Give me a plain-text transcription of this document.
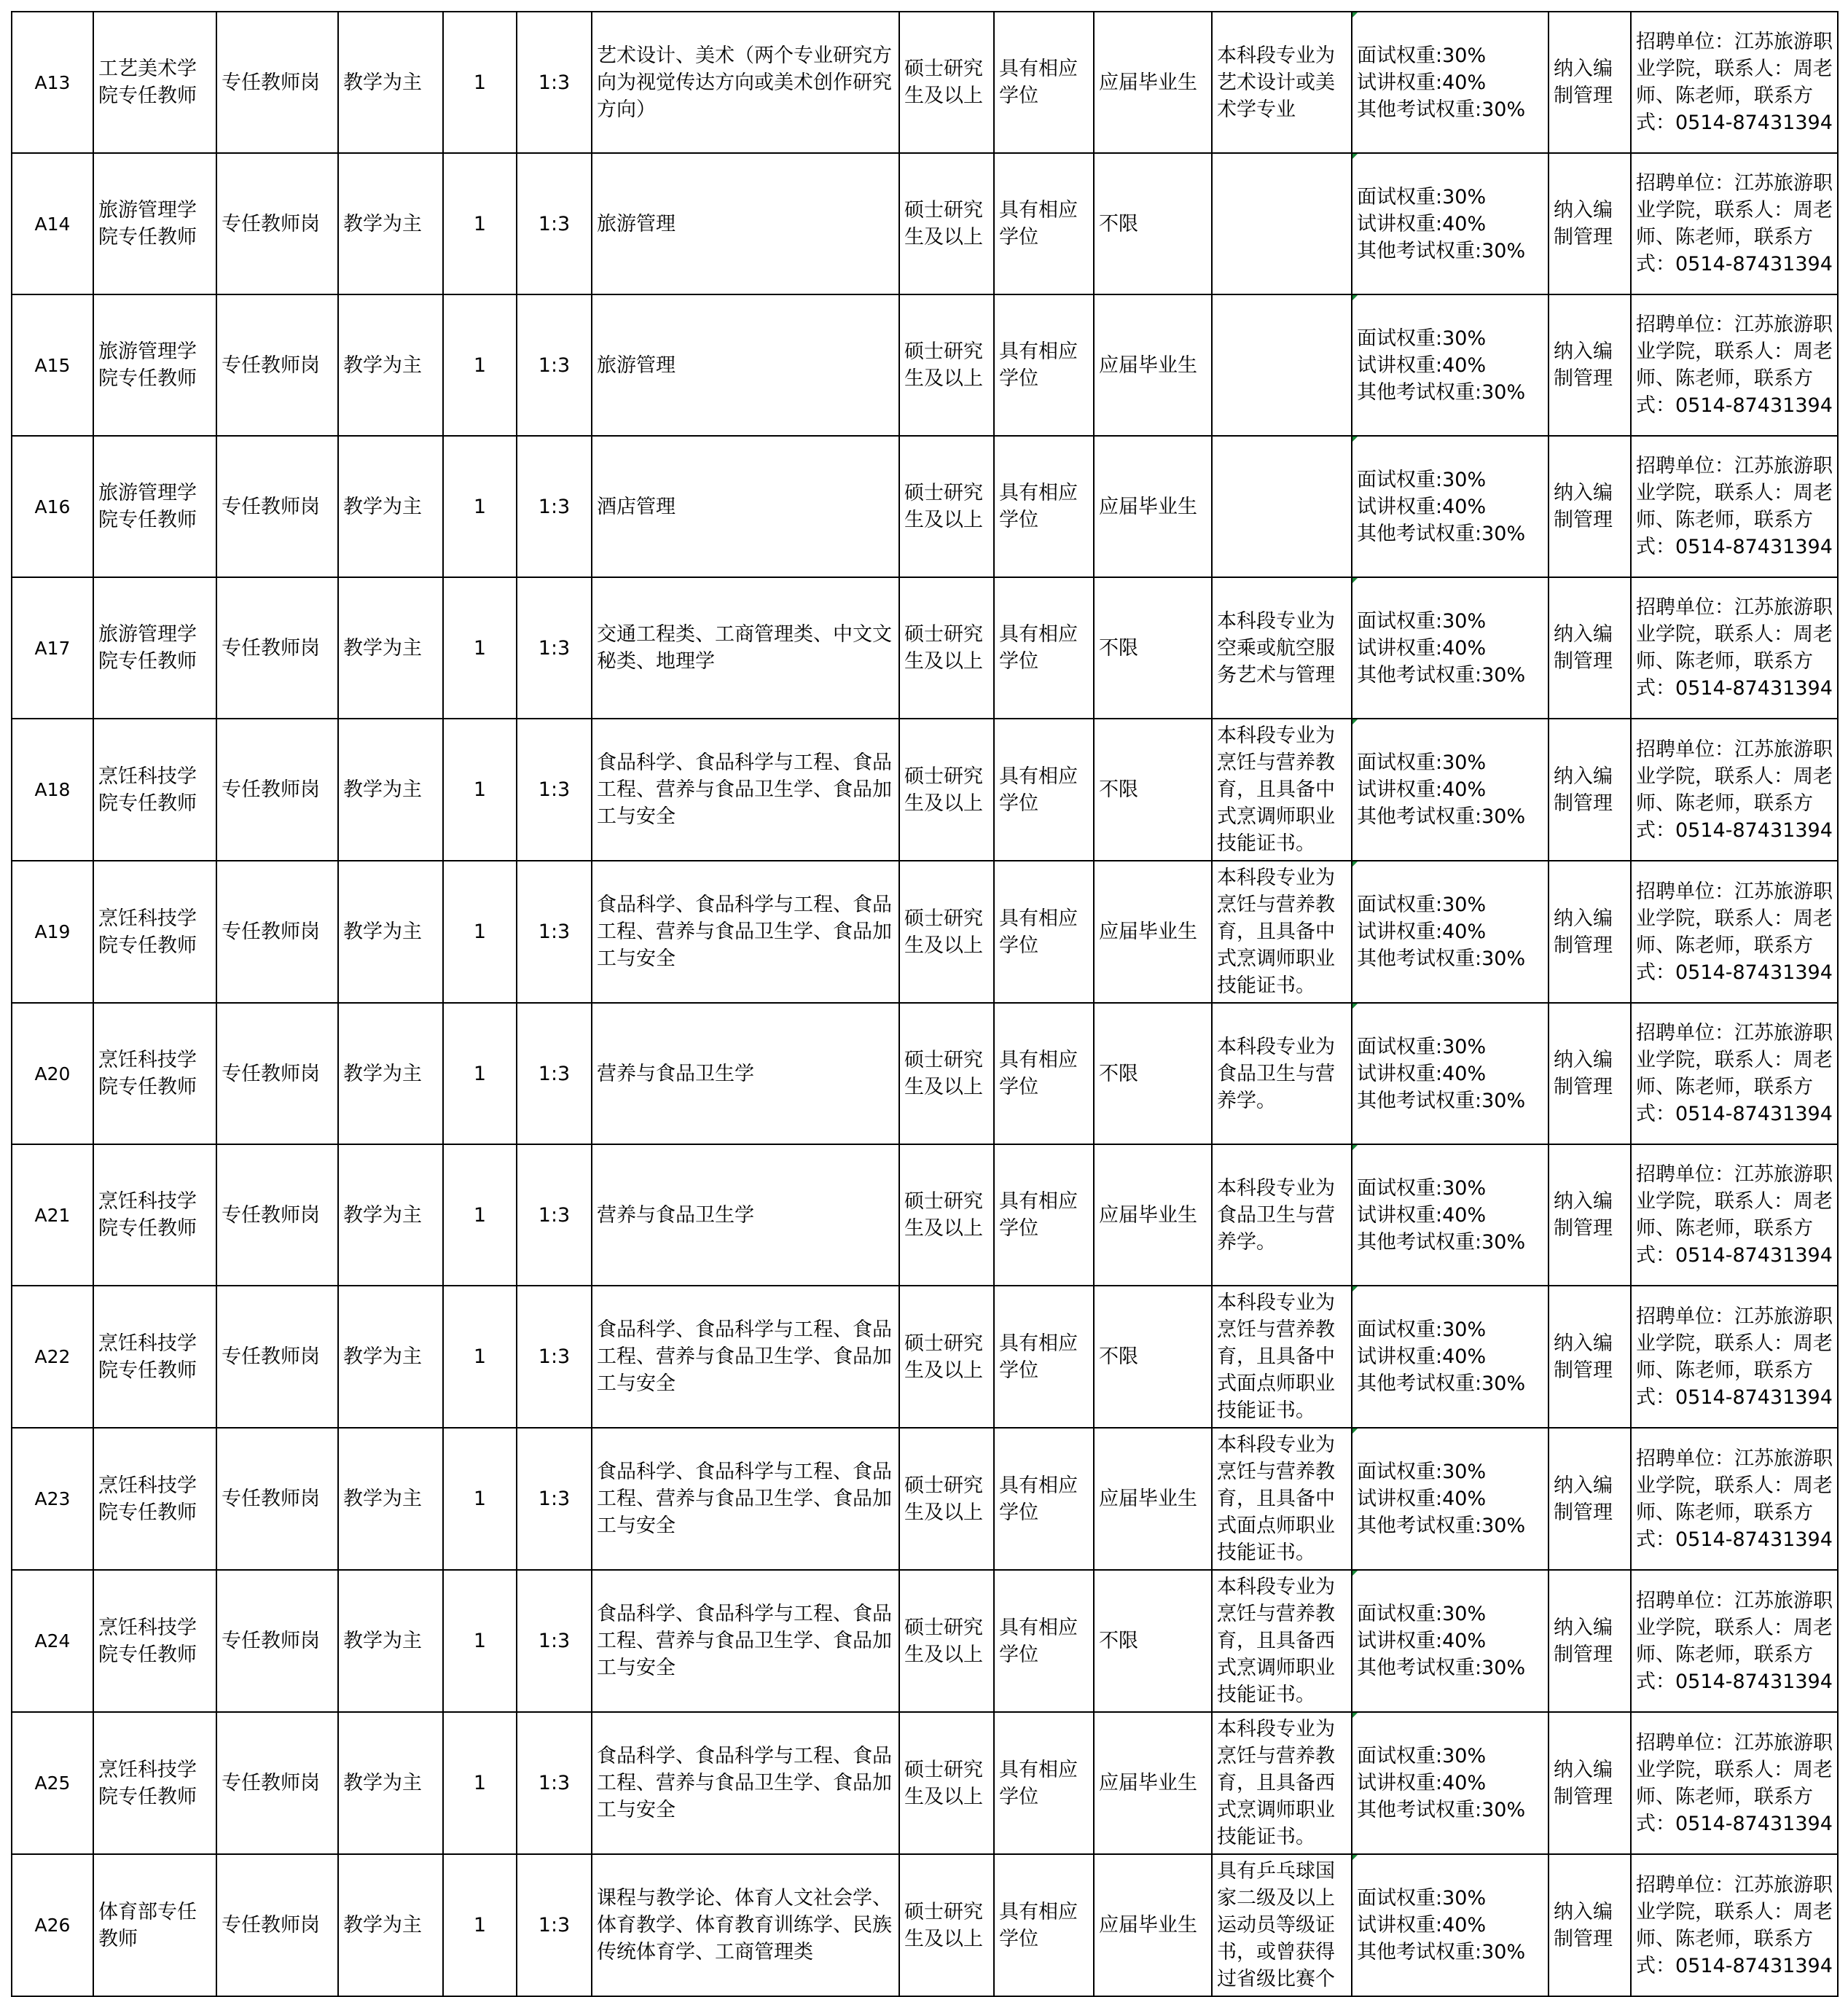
A13	工艺美术学院专任教师	专任教师岗	教学为主	1	1:3	艺术设计、美术（两个专业研究方向为视觉传达方向或美术创作研究方向）	硕士研究生及以上	具有相应学位	应届毕业生	本科段专业为艺术设计或美术学专业	面试权重:30%
试讲权重:40%
其他考试权重:30%	纳入编制管理	招聘单位：江苏旅游职业学院，联系人：周老师、陈老师，联系方式：0514-87431394
A14	旅游管理学院专任教师	专任教师岗	教学为主	1	1:3	旅游管理	硕士研究生及以上	具有相应学位	不限		面试权重:30%
试讲权重:40%
其他考试权重:30%	纳入编制管理	招聘单位：江苏旅游职业学院，联系人：周老师、陈老师，联系方式：0514-87431394
A15	旅游管理学院专任教师	专任教师岗	教学为主	1	1:3	旅游管理	硕士研究生及以上	具有相应学位	应届毕业生		面试权重:30%
试讲权重:40%
其他考试权重:30%	纳入编制管理	招聘单位：江苏旅游职业学院，联系人：周老师、陈老师，联系方式：0514-87431394
A16	旅游管理学院专任教师	专任教师岗	教学为主	1	1:3	酒店管理	硕士研究生及以上	具有相应学位	应届毕业生		面试权重:30%
试讲权重:40%
其他考试权重:30%	纳入编制管理	招聘单位：江苏旅游职业学院，联系人：周老师、陈老师，联系方式：0514-87431394
A17	旅游管理学院专任教师	专任教师岗	教学为主	1	1:3	交通工程类、工商管理类、中文文秘类、地理学	硕士研究生及以上	具有相应学位	不限	本科段专业为空乘或航空服务艺术与管理	面试权重:30%
试讲权重:40%
其他考试权重:30%	纳入编制管理	招聘单位：江苏旅游职业学院，联系人：周老师、陈老师，联系方式：0514-87431394
A18	烹饪科技学院专任教师	专任教师岗	教学为主	1	1:3	食品科学、食品科学与工程、食品工程、营养与食品卫生学、食品加工与安全	硕士研究生及以上	具有相应学位	不限	本科段专业为烹饪与营养教育，且具备中式烹调师职业技能证书。	面试权重:30%
试讲权重:40%
其他考试权重:30%	纳入编制管理	招聘单位：江苏旅游职业学院，联系人：周老师、陈老师，联系方式：0514-87431394
A19	烹饪科技学院专任教师	专任教师岗	教学为主	1	1:3	食品科学、食品科学与工程、食品工程、营养与食品卫生学、食品加工与安全	硕士研究生及以上	具有相应学位	应届毕业生	本科段专业为烹饪与营养教育，且具备中式烹调师职业技能证书。	面试权重:30%
试讲权重:40%
其他考试权重:30%	纳入编制管理	招聘单位：江苏旅游职业学院，联系人：周老师、陈老师，联系方式：0514-87431394
A20	烹饪科技学院专任教师	专任教师岗	教学为主	1	1:3	营养与食品卫生学	硕士研究生及以上	具有相应学位	不限	本科段专业为食品卫生与营养学。	面试权重:30%
试讲权重:40%
其他考试权重:30%	纳入编制管理	招聘单位：江苏旅游职业学院，联系人：周老师、陈老师，联系方式：0514-87431394
A21	烹饪科技学院专任教师	专任教师岗	教学为主	1	1:3	营养与食品卫生学	硕士研究生及以上	具有相应学位	应届毕业生	本科段专业为食品卫生与营养学。	面试权重:30%
试讲权重:40%
其他考试权重:30%	纳入编制管理	招聘单位：江苏旅游职业学院，联系人：周老师、陈老师，联系方式：0514-87431394
A22	烹饪科技学院专任教师	专任教师岗	教学为主	1	1:3	食品科学、食品科学与工程、食品工程、营养与食品卫生学、食品加工与安全	硕士研究生及以上	具有相应学位	不限	本科段专业为烹饪与营养教育，且具备中式面点师职业技能证书。	面试权重:30%
试讲权重:40%
其他考试权重:30%	纳入编制管理	招聘单位：江苏旅游职业学院，联系人：周老师、陈老师，联系方式：0514-87431394
A23	烹饪科技学院专任教师	专任教师岗	教学为主	1	1:3	食品科学、食品科学与工程、食品工程、营养与食品卫生学、食品加工与安全	硕士研究生及以上	具有相应学位	应届毕业生	本科段专业为烹饪与营养教育，且具备中式面点师职业技能证书。	面试权重:30%
试讲权重:40%
其他考试权重:30%	纳入编制管理	招聘单位：江苏旅游职业学院，联系人：周老师、陈老师，联系方式：0514-87431394
A24	烹饪科技学院专任教师	专任教师岗	教学为主	1	1:3	食品科学、食品科学与工程、食品工程、营养与食品卫生学、食品加工与安全	硕士研究生及以上	具有相应学位	不限	本科段专业为烹饪与营养教育，且具备西式烹调师职业技能证书。	面试权重:30%
试讲权重:40%
其他考试权重:30%	纳入编制管理	招聘单位：江苏旅游职业学院，联系人：周老师、陈老师，联系方式：0514-87431394
A25	烹饪科技学院专任教师	专任教师岗	教学为主	1	1:3	食品科学、食品科学与工程、食品工程、营养与食品卫生学、食品加工与安全	硕士研究生及以上	具有相应学位	应届毕业生	本科段专业为烹饪与营养教育，且具备西式烹调师职业技能证书。	面试权重:30%
试讲权重:40%
其他考试权重:30%	纳入编制管理	招聘单位：江苏旅游职业学院，联系人：周老师、陈老师，联系方式：0514-87431394
A26	体育部专任教师	专任教师岗	教学为主	1	1:3	课程与教学论、体育人文社会学、体育教学、体育教育训练学、民族传统体育学、工商管理类	硕士研究生及以上	具有相应学位	应届毕业生	具有乒乓球国家二级及以上运动员等级证书，或曾获得过省级比赛个	面试权重:30%
试讲权重:40%
其他考试权重:30%	纳入编制管理	招聘单位：江苏旅游职业学院，联系人：周老师、陈老师，联系方式：0514-87431394
